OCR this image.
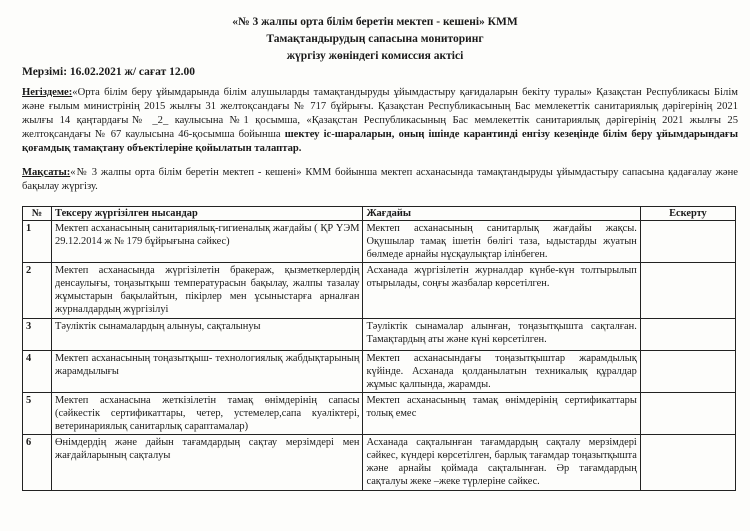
«№ 3 жалпы орта білім беретін мектеп - кешені» КММ
Тамақтандырудың сапасына мониторинг
жүргізу жөніндегі комиссия актісі
Мерзімі: 16.02.2021 ж/ сағат 12.00
Негіздеме:«Орта білім беру ұйымдарында білім алушыларды тамақтандыруды ұйымдастыру қағидаларын бекіту туралы» Қазақстан Республикасы Білім және ғылым министрінің 2015 жылғы 31 желтоқсандағы № 717 бұйрығы. Қазақстан Республикасының Бас мемлекеттік санитариялық дәрігерінің 2021 жылғы 14 қаңтардағы№ _2_ каулысына №1 қосымша, «Қазақстан Республикасының Бас мемлекеттік санитариялық дәрігерінің 2021 жылғы 25 желтоқсандағы № 67 каулысына 46-қосымша бойынша шектеу іс-шараларын, оның ішінде карантинді енгізу кезеңінде білім беру ұйымдарындағы қоғамдық тамақтану объектілеріне қойылатын талаптар.
Мақсаты:«№ 3 жалпы орта білім беретін мектеп - кешені» КММ бойынша мектеп асханасында тамақтандыруды ұйымдастыру сапасына қадағалау және бақылау жүргізу.
№	Тексеру жүргізілген нысандар	Жағдайы	Ескерту
1	Мектеп асханасының санитариялық-гигиеналық жағдайы ( ҚР ҮЭМ 29.12.2014 ж № 179 бұйрығына сәйкес)	Мектеп асханасының санитарлық жағдайы жақсы. Оқушылар тамақ ішетін бөлігі таза, ыдыстарды жуатын бөлмеде арнайы нұсқаулықтар ілінбеген.	
2	Мектеп асханасында жүргізілетін бракераж, қызметкерлердің денсаулығы, тоңазытқыш температурасын бақылау, жалпы тазалау жұмыстарын бақылайтын, пікірлер мен ұсыныстарға арналған журналдардың жүргізілуі	Асханада жүргізілетін журналдар күнбе-күн толтырылып отырылады, соңғы жазбалар көрсетілген.	
3	Тәуліктік сынамалардың алынуы, сақталынуы	Тәуліктік сынамалар алынған, тоңазытқышта сақталған. Тамақтардың аты және күні көрсетілген.	
4	Мектеп асханасының тоңазытқыш- технологиялық жабдықтарының жарамдылығы	Мектеп асханасындағы тоңазытқыштар жарамдылық күйінде. Асханада қолданылатын техникалық құралдар жұмыс қалпында, жарамды.	
5	Мектеп асханасына жеткізілетін тамақ өнімдерінің сапасы (сәйкестік сертификаттары, четер, устемелер,сапа куәліктері, ветеринариялық санитарлық сараптамалар)	Мектеп асханасының тамақ өнімдерінің сертификаттары толық емес	
6	Өнімдердің және дайын тағамдардың сақтау мерзімдері мен жағдайларының сақталуы	Асханада сақталынған тағамдардың сақталу мерзімдері сәйкес, күндері көрсетілген, барлық тағамдар тоңазытқышта және арнайы қоймада сақталынған. Әр тағамдардың сақталуы жеке –жеке түрлеріне сәйкес.	
